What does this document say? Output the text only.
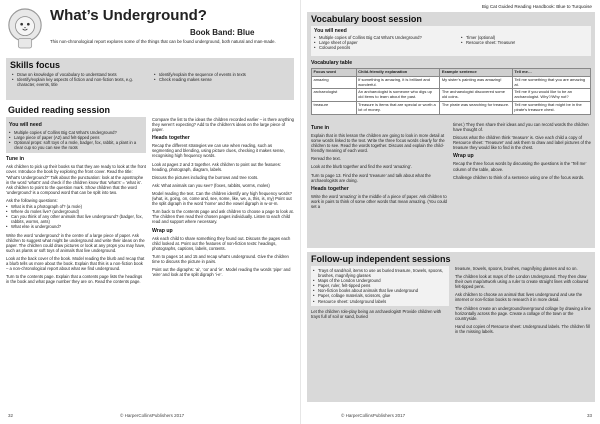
What’s Underground?
Book Band: Blue
This non-chronological report explores some of the things that can be found underground, both natural and man-made.
Skills focus
• Draw on knowledge of vocabulary to understand texts
• Identify/explain key aspects of fiction and non-fiction texts, e.g. character, events, title
• Identify/explain the sequence of events in texts
• Check reading makes sense
Guided reading session
You will need
• Multiple copies of Collins Big Cat What’s Underground?
• Large piece of paper (A2) and felt-tipped pens
• Optional props: soft toys of a mole, badger, fox, rabbit, a plant in a clear cup so you can see the roots
Tune in

Ask children to pick up their books so that they are ready to look at the front cover. Introduce the book by exploring the front cover. Read the title: “What’s Underground?” Talk about the punctuation: look at the apostrophe in the word ‘what’s’ and check if the children know that ‘what’s’ = ‘what is’. Ask children to point to the question mark. Show children that the word ‘underground’ is a compound word that can be split into two.

Ask the following questions:

• What is this a photograph of? (a mole)
• Where do moles live? (underground)
• Can you think of any other animals that live underground? (badger, fox, rabbits, worms, ants)
• What else is underground?

Write the word ‘underground’ in the centre of a large piece of paper. Ask children to suggest what might be underground and write their ideas on the paper. The children could draw pictures or look at any props you may have, such as plants or soft toys of animals that live underground.

Look at the back cover of the book. Model reading the blurb and recap that a blurb tells us more about the book. Explain that this is a non-fiction book – a non-chronological report about what we find underground.

Turn to the contents page. Explain that a contents page lists the headings in the book and what page number they are on. Read the contents page.

Compare the list to the ideas the children recorded earlier – is there anything they weren’t expecting? Add to the children’s ideas on the large piece of paper.

Heads together

Recap the different strategies we can use when reading, such as segmenting and blending, using picture clues, checking it makes sense, recognising high frequency words.

Look at pages 2 and 3 together. Ask children to point out the features: heading, photograph, diagram, labels.

Discuss the pictures including the burrows and tree roots.

Ask: What animals can you see? (foxes, rabbits, worms, moles)

Model reading the text. Can the children identify any high frequency words? (what, is, going, on, come and, see, some, like, we, a, this, is, my) Point out the split digraph in the word ‘home’ and the vowel digraph in w-or-m.

Turn back to the contents page and ask children to choose a page to look at. The children then read their chosen pages individually. Listen to each child read and support where necessary.

Wrap up

Ask each child to share something they found out. Discuss the pages each child looked at. Point out the features of non-fiction texts: headings, photographs, captions, labels, contents.

Turn to pages 14 and 15 and recap what’s underground. Give the children time to discuss the picture in pairs.

Point out the digraphs: ‘ai’, ‘oo’ and ‘ie’. Model reading the words ‘pipe’ and ‘wire’ and look at the split digraph ‘i-e’.

32	© HarperCollinsPublishers 2017
Big Cat Guided Reading Handbook: Blue to Turquoise
Vocabulary boost session
You will need
• Multiple copies of Collins Big Cat What’s Underground?
• Large sheet of paper
• Coloured pencils
• Timer (optional)
• Resource sheet: Treasure!
Vocabulary table
Focus word	Child-friendly explanation	Example sentence	Tell me…
amazing	If something is amazing, it is brilliant and wonderful.	My sister’s painting was amazing!	Tell me something that you are amazing at.
archaeologist	An archaeologist is someone who digs up old items to learn about the past.	The archaeologist discovered some old coins.	Tell me if you would like to be an archaeologist. Why?/Why not?
treasure	Treasure is items that are special or worth a lot of money.	The pirate was searching for treasure.	Tell me something that might be in the pirate’s treasure chest.
Tune in

Explain that in this lesson the children are going to look in more detail at some words linked to the text. Write the three focus words clearly for the children to see. Read the words together. Discuss and explain the child-friendly meaning of each word.

Reread the text.

Look at the blurb together and find the word ‘amazing’.

Turn to page 13. Find the word ‘treasure’ and talk about what the archaeologists are doing.

Heads together

Write the word ‘amazing’ in the middle of a piece of paper. Ask children to work in pairs to think of some other words that mean amazing. (You could set a

timer.) They then share their ideas and you can record words the children have thought of.

Discuss what the children think ‘treasure’ is. Give each child a copy of Resource sheet: ‘Treasure!’ and ask them to draw and label pictures of the treasure they would like to find in the chest.

Wrap up

Recap the three focus words by discussing the questions in the ‘Tell me’ column of the table, above.

Challenge children to think of a sentence using one of the focus words.

Follow-up independent sessions
• Trays of sand/soil, items to use as buried treasure, trowels, spoons, brushes, magnifying glasses
• Maps of the London Underground
• Paper, ruler, felt-tipped pens
• Non-fiction books about animals that live underground
• Paper, collage materials, scissors, glue
• Resource sheet: Underground labels

Let the children role-play being an archaeologist! Provide children with trays full of soil or sand, buried

treasure, trowels, spoons, brushes, magnifying glasses and so on.

The children look at maps of the London Underground. They then draw their own map/artwork using a ruler to create straight lines with coloured felt-tipped pens.

Ask children to choose an animal that lives underground and use the internet or non-fiction books to research it in more detail.

The children create an underground/overground collage by drawing a line horizontally across the page. Create a collage of the town or the countryside.

Hand out copies of Resource sheet: Underground labels. The children fill in the missing labels.

© HarperCollinsPublishers 2017	33
